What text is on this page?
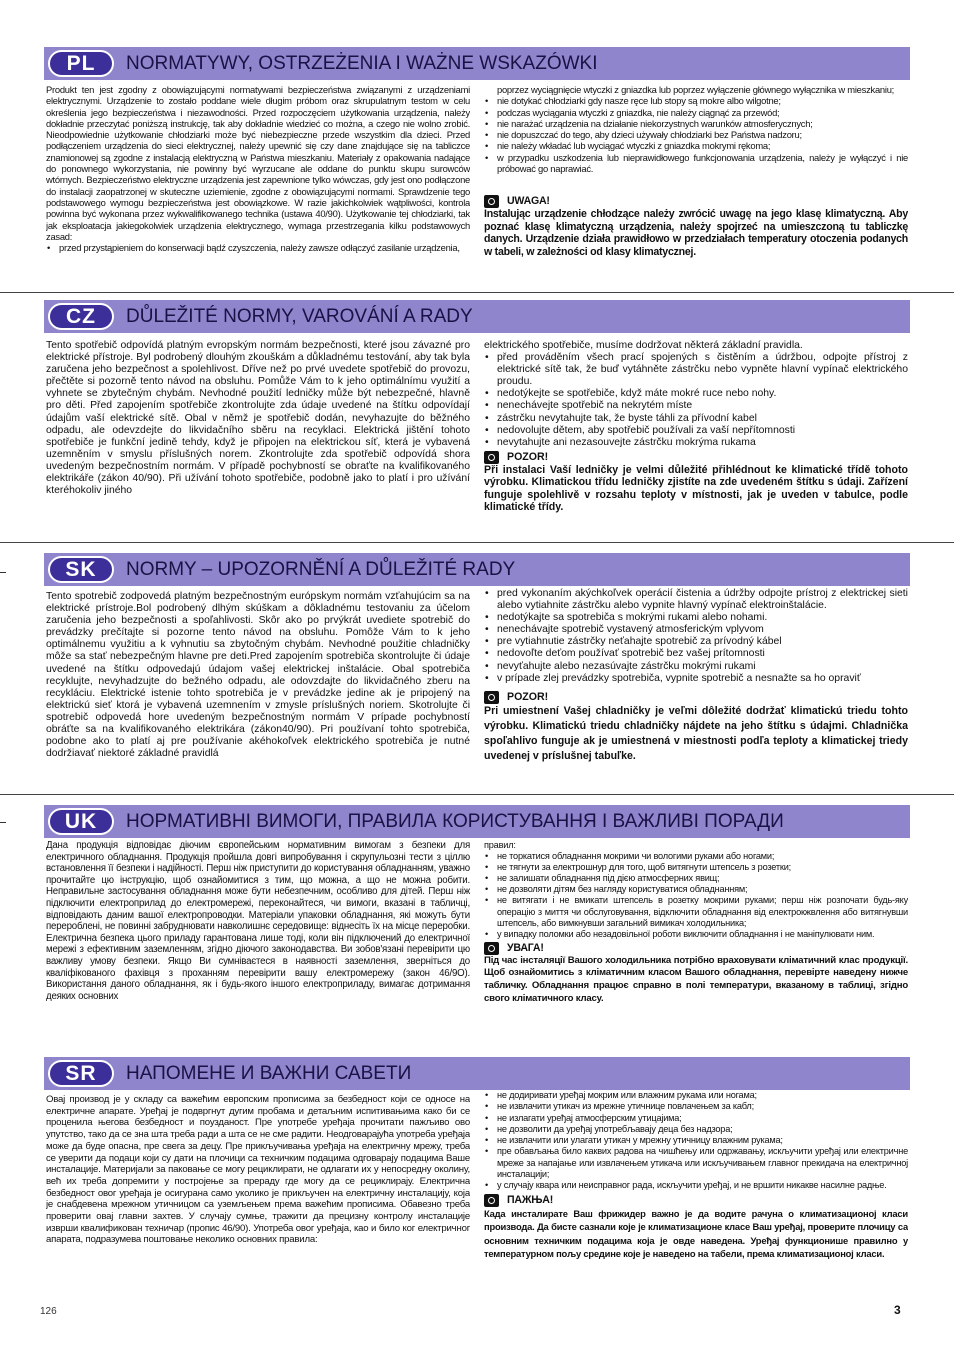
PL	NORMATYWY, OSTRZEŻENIA I WAŻNE WSKAZÓWKI

Produkt ten jest zgodny z obowiązującymi normatywami bezpieczeństwa związanymi z urządzeniami elektrycznymi. Urządzenie to zostało poddane wiele długim próbom oraz skrupulatnym testom w celu określenia jego bezpieczeństwa i niezawodności. Przed rozpoczęciem użytkowania urządzenia, należy dokładnie przeczytać poniższą instrukcję, tak aby dokładnie wiedzieć co można, a czego nie wolno zrobić. Nieodpowiednie użytkowanie chłodziarki może być niebezpieczne przede wszystkim dla dzieci. Przed podłączeniem urządzenia do sieci elektrycznej, należy upewnić się czy dane znajdujące się na tabliczce znamionowej są zgodne z instalacją elektryczną w Państwa mieszkaniu. Materiały z opakowania nadające do ponownego wykorzystania, nie powinny być wyrzucane ale oddane do punktu skupu surowców wtórnych. Bezpieczeństwo elektryczne urządzenia jest zapewnione tylko wówczas, gdy jest ono podłączone do instalacji zaopatrzonej w skuteczne uziemienie, zgodne z obowiązującymi normami. Sprawdzenie tego podstawowego wymogu bezpieczeństwa jest obowiązkowe. W razie jakichkolwiek wątpliwości, kontrola powinna być wykonana przez wykwalifikowanego technika (ustawa 40/90). Użytkowanie tej chłodziarki, tak jak eksploatacja jakiegokolwiek urządzenia elektrycznego, wymaga przestrzegania kilku podstawowych zasad:

• przed przystąpieniem do konserwacji bądź czyszczenia, należy zawsze odłączyć zasilanie urządzenia,

poprzez wyciągnięcie wtyczki z gniazdka lub poprzez wyłączenie głównego wyłącznika w mieszkaniu;

• nie dotykać chłodziarki gdy nasze ręce lub stopy są mokre albo wilgotne;
• podczas wyciągania wtyczki z gniazdka, nie należy ciągnąć za przewód;
• nie narażać urządzenia na działanie niekorzystnych warunków atmosferycznych;
• nie dopuszczać do tego, aby dzieci używały chłodziarki bez Państwa nadzoru;
• nie należy wkładać lub wyciągać wtyczki z gniazdka mokrymi rękoma;
• w przypadku uszkodzenia lub nieprawidłowego funkcjonowania urządzenia, należy je wyłączyć i nie próbować go naprawiać.
UWAGA!

Instalując urządzenie chłodzące należy zwrócić uwagę na jego klasę klimatyczną. Aby poznać klasę klimatyczną urządzenia, należy spojrzeć na umieszczoną tu tabliczkę danych. Urządzenie działa prawidłowo w przedziałach temperatury otoczenia podanych w tabeli, w zależności od klasy klimatycznej.

CZ	DŮLEŽITÉ NORMY, VAROVÁNÍ A RADY

Tento spotřebič odpovídá platným evropským normám bezpečnosti, které jsou závazné pro elektrické přístroje. Byl podrobený dlouhým zkouškám a důkladnému testování, aby tak byla zaručena jeho bezpečnost a spolehlivost. Dříve než po prvé uvedete spotřebič do provozu, přečtěte si pozorně tento návod na obsluhu. Pomůže Vám to k jeho optimálnímu využití a vyhnete se zbytečným chybám. Nevhodné použití ledničky může být nebezpečné, hlavně pro děti. Před zapojením spotřebiče zkontrolujte zda údaje uvedené na štítku odpovídají údajům vaší elektrické sítě. Obal v němž je spotřebič dodán, nevyhazujte do běžného odpadu, ale odevzdejte do likvidačního sběru na recyklaci. Elektrická jištění tohoto spotřebiče je funkční jedině tehdy, když je připojen na elektrickou síť, která je vybavená uzemněním v smyslu příslušných norem. Zkontrolujte zda spotřebič odpovídá shora uvedeným bezpečnostním normám. V případě pochybností se obraťte na kvalifikovaného elektrikáře (zákon 40/90). Při užívání tohoto spotřebiče, podobně jako to platí i pro užívání kteréhokoliv jiného

elektrického spotřebiče, musíme dodržovat některá základní pravidla.

• před prováděním všech prací spojených s čistěním a údržbou, odpojte přístroj z elektrické sítě tak, že buď vytáhněte zástrčku nebo vypněte hlavní vypínač elektrického proudu.
• nedotýkejte se spotřebiče, když máte mokré ruce nebo nohy.
• nenechávejte spotřebič na nekrytém míste
• zástrčku nevytahujte tak, že byste táhli za přívodní kabel
• nedovolujte dětem, aby spotřebič používali za vaší nepřítomnosti
• nevytahujte ani nezasouvejte zástrčku mokrýma rukama
POZOR!

Při instalaci Vaší ledničky je velmi důležité přihlédnout ke klimatické třídě tohoto výrobku. Klimatickou třídu ledničky zjistíte na zde uvedeném štítku s údaji. Zařízení funguje spolehlivě v rozsahu teploty v místnosti, jak je uveden v tabulce, podle klimatické třídy.

SK	NORMY – UPOZORNĚNÍ A DŮLEŽITÉ RADY

Tento spotrebič zodpovedá platným bezpečnostným európskym normám vzťahujúcim sa na elektrické prístroje.Bol podrobený dlhým skúškam a dôkladnému testovaniu za účelom zaručenia jeho bezpečnosti a spoľahlivosti. Skôr ako po prvýkrát uvediete spotrebič do prevádzky prečítajte si pozorne tento návod na obsluhu. Pomôže Vám to k jeho optimálnemu využitiu a k vyhnutiu sa zbytočným chybám. Nevhodné použitie chladničky môže sa stať nebezpečným hlavne pre deti.Pred zapojením spotrebiča skontrolujte či údaje uvedené na štítku odpovedajú údajom vašej elektrickej inštalácie. Obal spotrebiča recyklujte, nevyhadzujte do bežného odpadu, ale odovzdajte do likvidačného zberu na recykláciu. Elektrické istenie tohto spotrebiča je v prevádzke jedine ak je pripojený na elektrickú sieť ktorá je vybavená uzemnením v zmysle príslušných noriem. Skotrolujte či spotrebič odpovedá hore uvedeným bezpečnostným normám V prípade pochybností obráťte sa na kvalifikovaného elektrikára (zákon40/90). Pri používaní tohto spotrebiča, podobne ako to platí aj pre používanie akéhokoľvek elektrického spotrebiča je nutné dodržiavať niektoré základné pravidlá

• pred vykonaním akýchkoľvek operácií čistenia a údržby odpojte prístroj z elektrickej sieti alebo vytiahnite zástrčku alebo vypnite hlavný vypínač elektroinštalácie.
• nedotýkajte sa spotrebiča s mokrými rukami alebo nohami.
• nenechávajte spotrebič vystavený atmosferickým vplyvom
• pre vytiahnutie zástrčky neťahajte spotrebič za prívodný kábel
• nedovoľte deťom používať spotrebič bez vašej prítomnosti
• nevyťahujte alebo nezasúvajte zástrčku mokrými rukami
• v prípade zlej prevádzky spotrebiča, vypnite spotrebič a nesnažte sa ho opraviť
POZOR!

Pri umiestnení Vašej chladničky je veľmi dôležité dodržať klimatickú triedu tohto výrobku. Klimatickú triedu chladničky nájdete na jeho štítku s údajmi. Chladnička spoľahlivo funguje ak je umiestnená v miestnosti podľa teploty a klimatickej triedy uvedenej v príslušnej tabuľke.

UK	НОРМАТИВНІ ВИМОГИ, ПРАВИЛА КОРИСТУВАННЯ І ВАЖЛИВІ ПОРАДИ

Дана продукція відповідає діючим європейським нормативним вимогам з безпеки для електричного обладнання. Продукція пройшла довгі випробування і скрупульозні тести з ціллю встановлення її безпеки і надійності. Перш ніж приступити до користування обладнанням, уважно прочитайте цю інструкцію, щоб ознайомитися з тим, що можна, а що не можна робити. Неправильне застосування обладнання може бути небезпечним, особливо для дітей. Перш ніж підключити електроприлад до електромережі, переконайтеся, чи вимоги, вказані в табличці, відповідають даним вашої електропроводки. Матеріали упаковки обладнання, які можуть бути перероблені, не повинні забруднювати навколишнє середовище: віднесіть їх на місце переробки. Електрична безпека цього приладу гарантована лише тоді, коли він підключений до електричної мережі з ефективним заземленням, згідно діючого законодавства. Ви зобов'язані перевірити цю важливу умову безпеки. Якщо Ви сумніваєтеся в наявності заземлення, зверніться до кваліфікованого фахівця з проханням перевірити вашу електромережу (закон 46/9О). Використання даного обладнання, як і будь-якого іншого електроприладу, вимагає дотримання деяких основних

правил:

• не торкатися обладнання мокрими чи вологими руками або ногами;
• не тягнути за електрошнур для того, щоб витягнути штепсель з розетки;
• не залишати обладнання під дією атмосферних явищ;
• не дозволяти дітям без нагляду користуватися обладнанням;
• не витягати і не вмикати штепсель в розетку мокрими руками; перш ніж розпочати будь-яку операцію з миття чи обслуговування, відключити обладнання від електрокжвлення або витягнувши штепсель, або вимкнувши загальний вимикач холодильника;
• у випадку поломки або незадовільної роботи виключити обладнання і не маніпулювати ним.
УВАГА!

Під час інсталяції Вашого холодильника потрібно враховувати кліматичний клас продукції. Щоб ознайомитись з кліматичним класом Вашого обладнання, перевірте наведену нижче табличку. Обладнання працює справно в полі температури, вказаному в таблиці, згідно свого кліматичного класу.

SR	НАПОМЕНЕ И ВАЖНИ САВЕТИ

Овај производ је у складу са важећим европским прописима за безбедност који се односе на електричне апарате. Уређај је подвргнут дугим пробама и детаљним испитивањима како би се проценила његова безбедност и поузданост. Пре употребе уређаја прочитати пажљиво ово упутство, тако да се зна шта треба ради а шта се не сме радити. Неодговарајућа употреба уређаја може да буде опасна, пре свега за децу. Пре прикључивања уређаја на електричну мрежу, треба се уверити да подаци који су дати на плочици са техничким подацима одговарају подацима Ваше инсталације. Материјали за паковање се могу рециклирати, не одлагати их у непосредну околину, већ их треба допремити у постројење за прераду где могу да се рециклирају. Електрична безбедност овог уређаја је осигурана само уколико је прикључен на електричну инсталацију, која је снабдевена мрежном утичницом са уземљењем према важећим прописима. Обавезно треба проверити овај главни захтев. У случају сумње, тражити да прецизну контролу инсталације изврши квалификован техничар (пропис 46/90). Употреба овог уређаја, као и било ког електричног апарата, подразумева поштовање неколико основних правила:

• не додиривати уређај мокрим или влажним рукама или ногама;
• не извлачити утикач из мрежне утичнице повлачењем за кабл;
• не излагати уређај атмосферским утицајима;
• не дозволити да уређај употребљавају деца без надзора;
• не извлачити или улагати утикач у мрежну утичницу влажним рукама;
• пре обављања било каквих радова на чишћењу или одржавању, искључити уређај или електричне мреже за напајање или извлачењем утикача или искључивањем главног прекидача на електричној инсталацији;
• у случају квара или неисправног рада, искључити уређај, и не вршити никакве насилне радње.
ПАЖЊА!

Када инсталирате Ваш фрижидер важно је да водите рачуна о климатизационој класи производа. Да бисте сазнали које је климатизационе класе Ваш уређај, проверите плочицу са основним техничким подацима која је овде наведена. Уређај функционише правилно у температурном пољу средине које је наведено на табели, према климатизационој класи.

126	3
